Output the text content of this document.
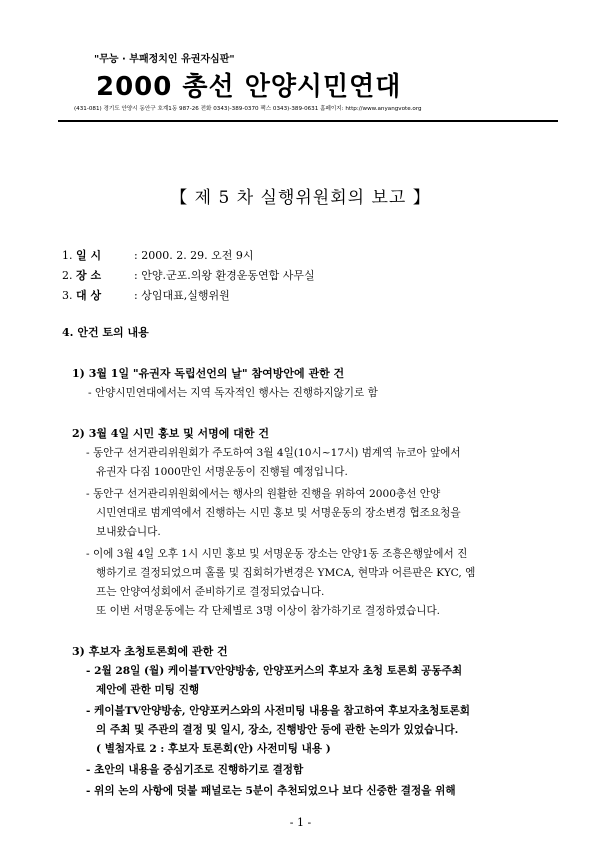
"무능 · 부패정치인 유권자심판"
2000 총선 안양시민연대
(431-081) 경기도 안양시 동안구 호계1동 987-26 전화 0343)-389-0370 팩스 0343)-389-0631 홈페이지: http://www.anyangvote.org
【 제 5 차 실행위원회의 보고 】
1. 일 시	: 2000. 2. 29. 오전 9시
2. 장 소	: 안양.군포.의왕 환경운동연합 사무실
3. 대 상	: 상임대표,실행위원
4. 안건 토의 내용
1) 3월 1일 "유권자 독립선언의 날" 참여방안에 관한 건
- 안양시민연대에서는 지역 독자적인 행사는 진행하지않기로 함
2) 3월 4일 시민 홍보 및 서명에 대한 건
- 동안구 선거관리위원회가 주도하여 3월 4일(10시~17시) 범계역 뉴코아 앞에서
유권자 다짐 1000만인 서명운동이 진행될 예정입니다.
- 동안구 선거관리위원회에서는 행사의 원활한 진행을 위하여 2000총선 안양
시민연대로 범계역에서 진행하는 시민 홍보 및 서명운동의 장소변경 협조요청을
보내왔습니다.
- 이에 3월 4일 오후 1시 시민 홍보 및 서명운동 장소는 안양1동 조흥은행앞에서 진
행하기로 결정되었으며 홀롤 및 집회허가변경은 YMCA, 현막과 어른판은 KYC, 엠
프는 안양여성회에서 준비하기로 결정되었습니다.
또 이번 서명운동에는 각 단체별로 3명 이상이 참가하기로 결정하였습니다.
3) 후보자 초청토론회에 관한 건
- 2월 28일 (월) 케이블TV안양방송, 안양포커스의 후보자 초청 토론회 공동주최
제안에 관한 미팅 진행
- 케이블TV안양방송, 안양포커스와의 사전미팅 내용을 참고하여 후보자초청토론회
의 주최 및 주관의 결정 및 일시, 장소, 진행방안 등에 관한 논의가 있었습니다.
( 별첨자료 2 : 후보자 토론회(안) 사전미팅 내용 )
- 초안의 내용을 중심기조로 진행하기로 결정함
- 위의 논의 사항에 덧붙 패널로는 5분이 추천되었으나 보다 신중한 결정을 위해
- 1 -
